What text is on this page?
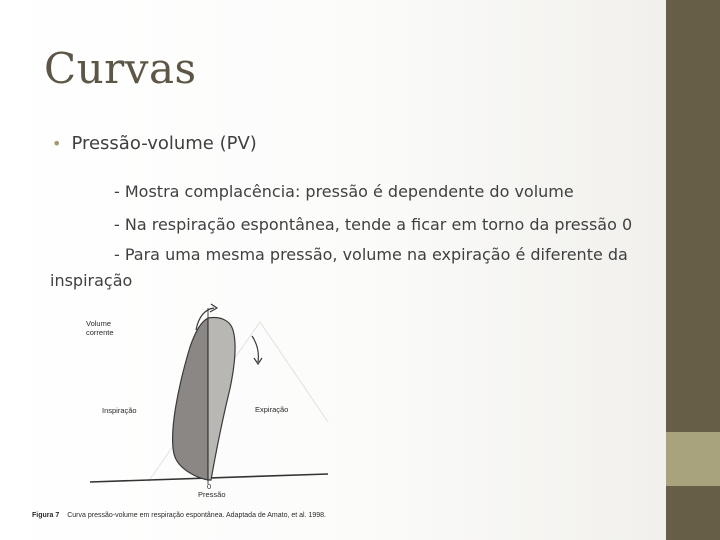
Curvas
• Pressão-volume (PV)
- Mostra complacência: pressão é dependente do volume
- Na respiração espontânea, tende a ficar em torno da pressão 0
- Para uma mesma pressão, volume na expiração é diferente da
inspiração
Volume
corrente
Inspiração	Expiração
0
Pressão
Figura 7 Curva pressão-volume em respiração espontânea. Adaptada de Amato, et al. 1998.
